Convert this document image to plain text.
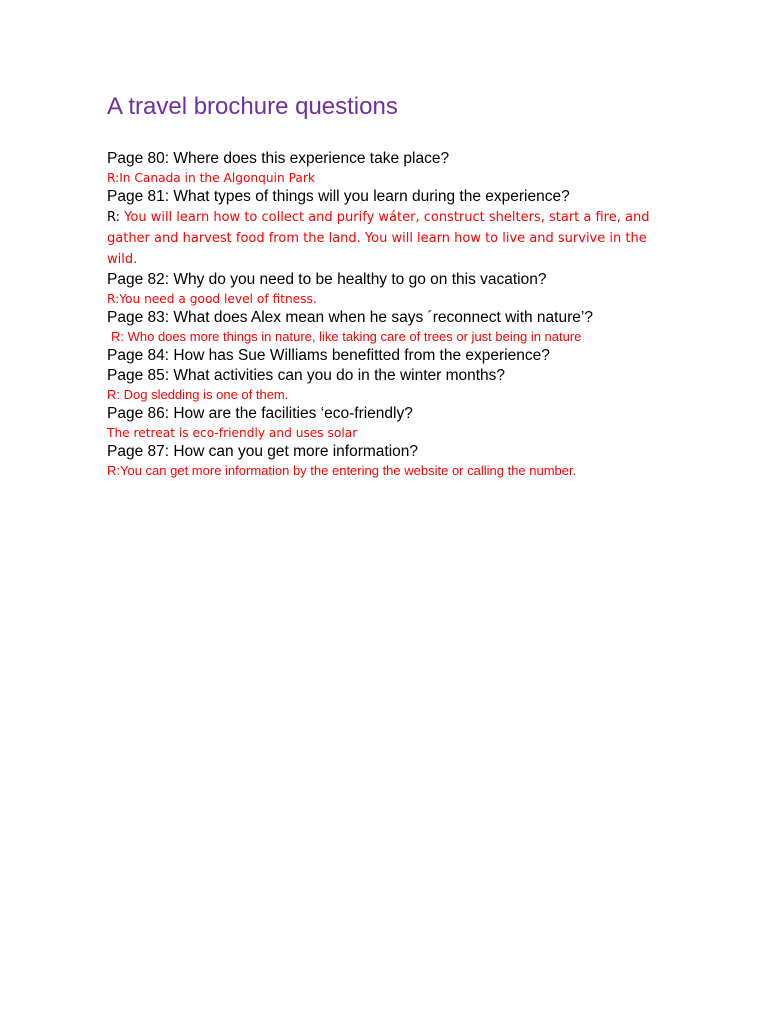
A travel brochure questions

Page 80: Where does this experience take place?

R:In Canada in the Algonquin Park

Page 81: What types of things will you learn during the experience?

R: You will learn how to collect and purify wáter, construct shelters, start a fire, and gather and harvest food from the land. You will learn how to live and survive in the wild.

Page 82: Why do you need to be healthy to go on this vacation?

R:You need a good level of fitness.

Page 83: What does Alex mean when he says ´reconnect with nature’?

R: Who does more things in nature, like taking care of trees or just being in nature

Page 84: How has Sue Williams benefitted from the experience?

Page 85: What activities can you do in the winter months?

R: Dog sledding is one of them.

Page 86: How are the facilities ‘eco-friendly?

The retreat is eco-friendly and uses solar

Page 87: How can you get more information?

R:You can get more information by the entering the website or calling the number.
